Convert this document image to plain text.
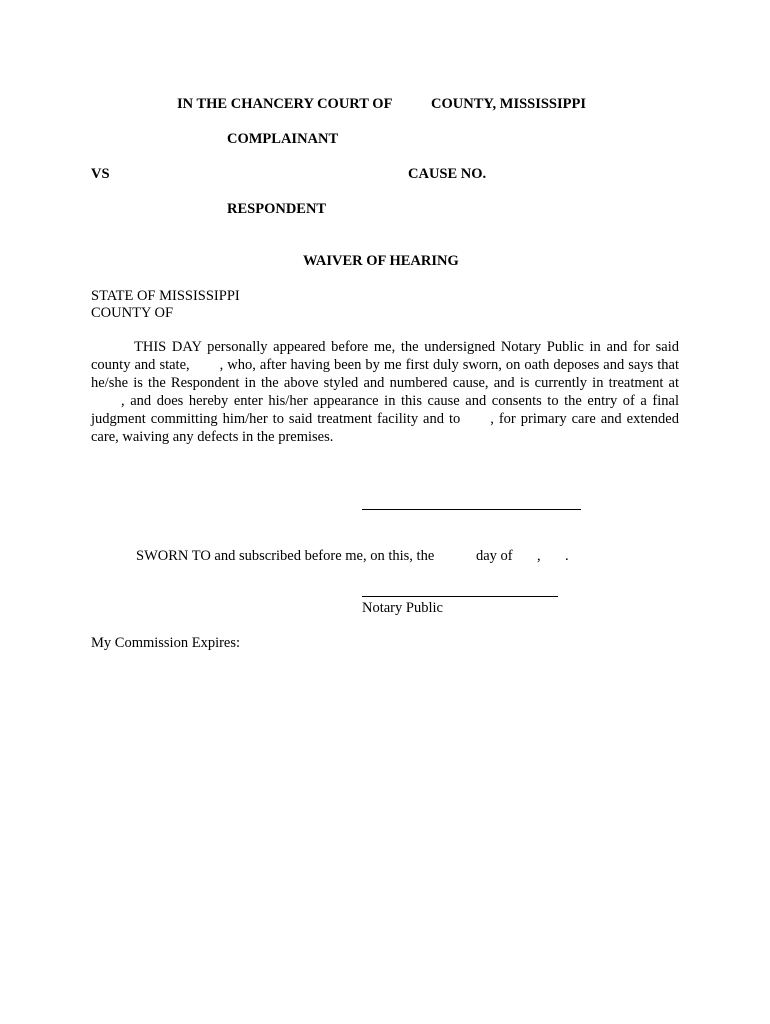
IN THE CHANCERY COURT OF	COUNTY, MISSISSIPPI
COMPLAINANT
VS	CAUSE NO.
RESPONDENT
WAIVER OF HEARING
STATE OF MISSISSIPPI
COUNTY OF
THIS DAY personally appeared before me, the undersigned Notary Public in and for said county and state, , who, after having been by me first duly sworn, on oath deposes and says that he/she is the Respondent in the above styled and numbered cause, and is currently in treatment at, and does hereby enter his/her appearance in this cause and consents to the entry of a final judgment committing him/her to said treatment facility and to , for primary care and extended care, waiving any defects in the premises.
SWORN TO and subscribed before me, on this, the	day of , .
Notary Public
My Commission Expires:
